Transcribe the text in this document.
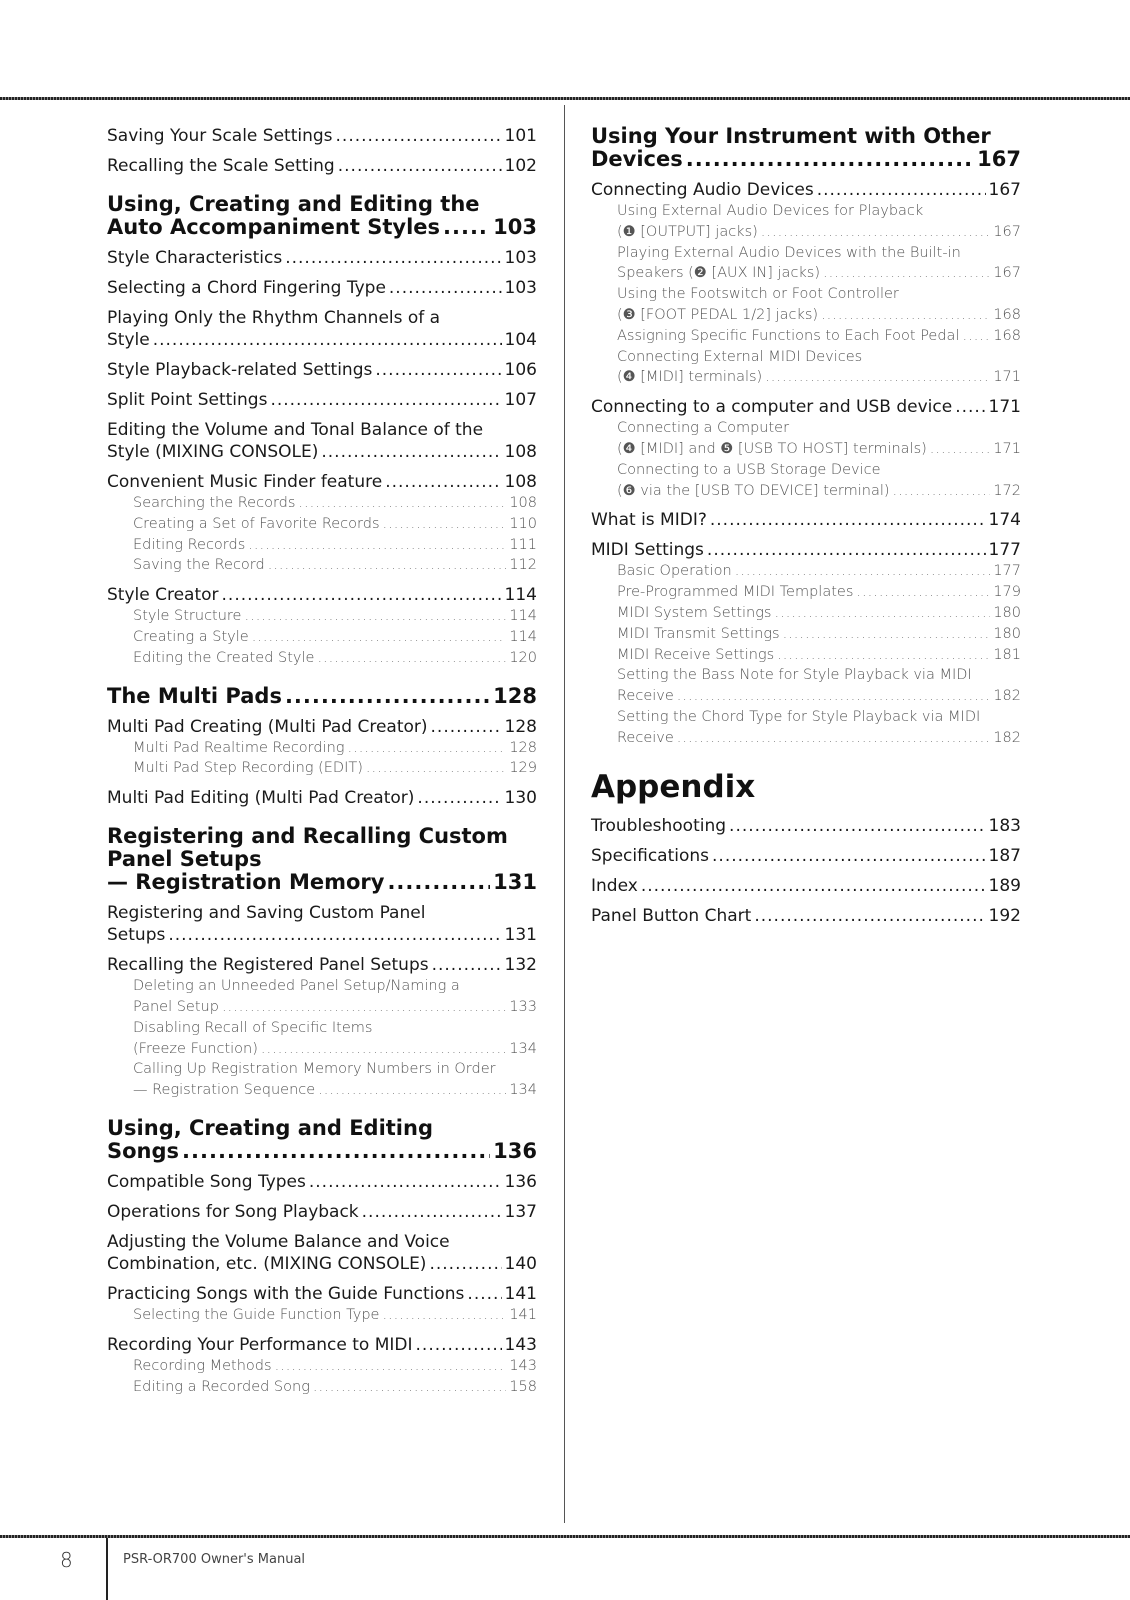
8	PSR-OR700 Owner's Manual
Saving Your Scale Settings .....	101
Recalling the Scale Setting .....	102
Using, Creating and Editing the
Auto Accompaniment Styles .....	103
Style Characteristics .....	103
Selecting a Chord Fingering Type .....	103
Playing Only the Rhythm Channels of a
Style .....	104
Style Playback-related Settings .....	106
Split Point Settings .....	107
Editing the Volume and Tonal Balance of the
Style (MIXING CONSOLE) .....	108
Convenient Music Finder feature .....	108
Searching the Records .....	108
Creating a Set of Favorite Records .....	110
Editing Records .....	111
Saving the Record .....	112
Style Creator .....	114
Style Structure .....	114
Creating a Style .....	114
Editing the Created Style .....	120
The Multi Pads .....	128
Multi Pad Creating (Multi Pad Creator) .....	128
Multi Pad Realtime Recording .....	128
Multi Pad Step Recording (EDIT) .....	129
Multi Pad Editing (Multi Pad Creator) .....	130
Registering and Recalling Custom
Panel Setups
— Registration Memory .....	131
Registering and Saving Custom Panel
Setups .....	131
Recalling the Registered Panel Setups .....	132
Deleting an Unneeded Panel Setup/Naming a
Panel Setup .....	133
Disabling Recall of Specific Items
(Freeze Function) .....	134
Calling Up Registration Memory Numbers in Order
— Registration Sequence .....	134
Using, Creating and Editing
Songs .....	136
Compatible Song Types .....	136
Operations for Song Playback .....	137
Adjusting the Volume Balance and Voice
Combination, etc. (MIXING CONSOLE) .....	140
Practicing Songs with the Guide Functions ..... 141
Selecting the Guide Function Type .....	141
Recording Your Performance to MIDI .....	143
Recording Methods .....	143
Editing a Recorded Song .....	158
Using Your Instrument with Other
Devices .....	167
Connecting Audio Devices .....	167
Using External Audio Devices for Playback
(❶ [OUTPUT] jacks) .....	167
Playing External Audio Devices with the Built-in
Speakers (❷ [AUX IN] jacks) .....	167
Using the Footswitch or Foot Controller
(❸ [FOOT PEDAL 1/2] jacks) .....	168
Assigning Specific Functions to Each Foot Pedal ..... 168
Connecting External MIDI Devices
(❹ [MIDI] terminals) .....	171
Connecting to a computer and USB device ..... 171
Connecting a Computer
(❹ [MIDI] and ❺ [USB TO HOST] terminals) .....	171
Connecting to a USB Storage Device
(❻ via the [USB TO DEVICE] terminal) .....	172
What is MIDI? .....	174
MIDI Settings .....	177
Basic Operation .....	177
Pre-Programmed MIDI Templates .....	179
MIDI System Settings .....	180
MIDI Transmit Settings .....	180
MIDI Receive Settings .....	181
Setting the Bass Note for Style Playback via MIDI
Receive .....	182
Setting the Chord Type for Style Playback via MIDI
Receive .....	182
Appendix
Troubleshooting .....	183
Specifications .....	187
Index .....	189
Panel Button Chart .....	192
